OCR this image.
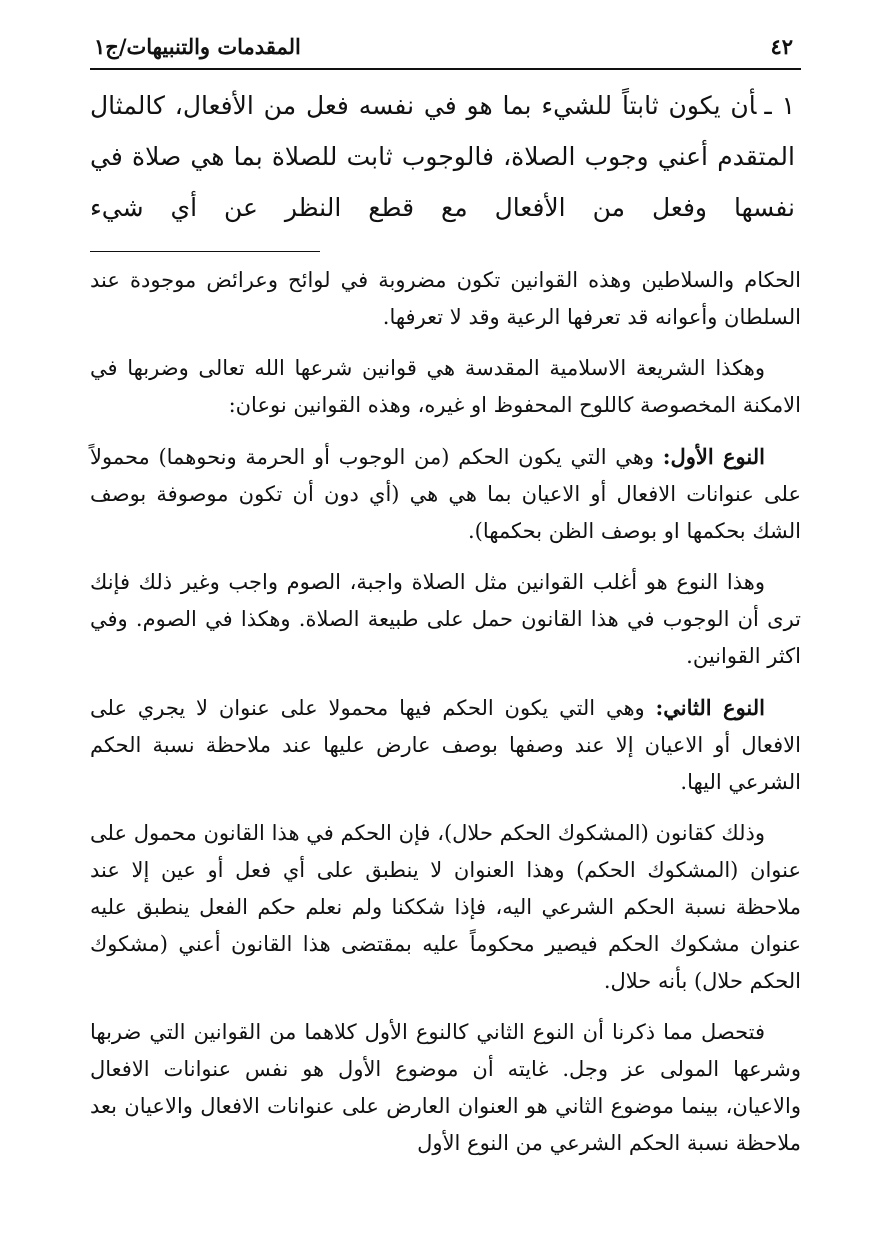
٤٢
المقدمات والتنبيهات/ج١
١ ـأن يكون ثابتاً للشيء بما هو في نفسه فعل من الأفعال، كالمثال المتقدم أعني وجوب الصلاة، فالوجوب ثابت للصلاة بما هي صلاة في نفسها وفعل من الأفعال مع قطع النظر عن أي شيء

الحكام والسلاطين وهذه القوانين تكون مضروبة في لوائح وعرائض موجودة عند السلطان وأعوانه قد تعرفها الرعية وقد لا تعرفها.

وهكذا الشريعة الاسلامية المقدسة هي قوانين شرعها الله تعالى وضربها في الامكنة المخصوصة كاللوح المحفوظ او غيره، وهذه القوانين نوعان:

النوع الأول: وهي التي يكون الحكم (من الوجوب أو الحرمة ونحوهما) محمولاً على عنوانات الافعال أو الاعيان بما هي هي (أي دون أن تكون موصوفة بوصف الشك بحكمها او بوصف الظن بحكمها).

وهذا النوع هو أغلب القوانين مثل الصلاة واجبة، الصوم واجب وغير ذلك فإنك ترى أن الوجوب في هذا القانون حمل على طبيعة الصلاة. وهكذا في الصوم. وفي اكثر القوانين.

النوع الثاني: وهي التي يكون الحكم فيها محمولا على عنوان لا يجري على الافعال أو الاعيان إلا عند وصفها بوصف عارض عليها عند ملاحظة نسبة الحكم الشرعي اليها.

وذلك كقانون (المشكوك الحكم حلال)، فإن الحكم في هذا القانون محمول على عنوان (المشكوك الحكم) وهذا العنوان لا ينطبق على أي فعل أو عين إلا عند ملاحظة نسبة الحكم الشرعي اليه، فإذا شككنا ولم نعلم حكم الفعل ينطبق عليه عنوان مشكوك الحكم فيصير محكوماً عليه بمقتضى هذا القانون أعني (مشكوك الحكم حلال) بأنه حلال.

فتحصل مما ذكرنا أن النوع الثاني كالنوع الأول كلاهما من القوانين التي ضربها وشرعها المولى عز وجل. غايته أن موضوع الأول هو نفس عنوانات الافعال والاعيان، بينما موضوع الثاني هو العنوان العارض على عنوانات الافعال والاعيان بعد ملاحظة نسبة الحكم الشرعي من النوع الأول
